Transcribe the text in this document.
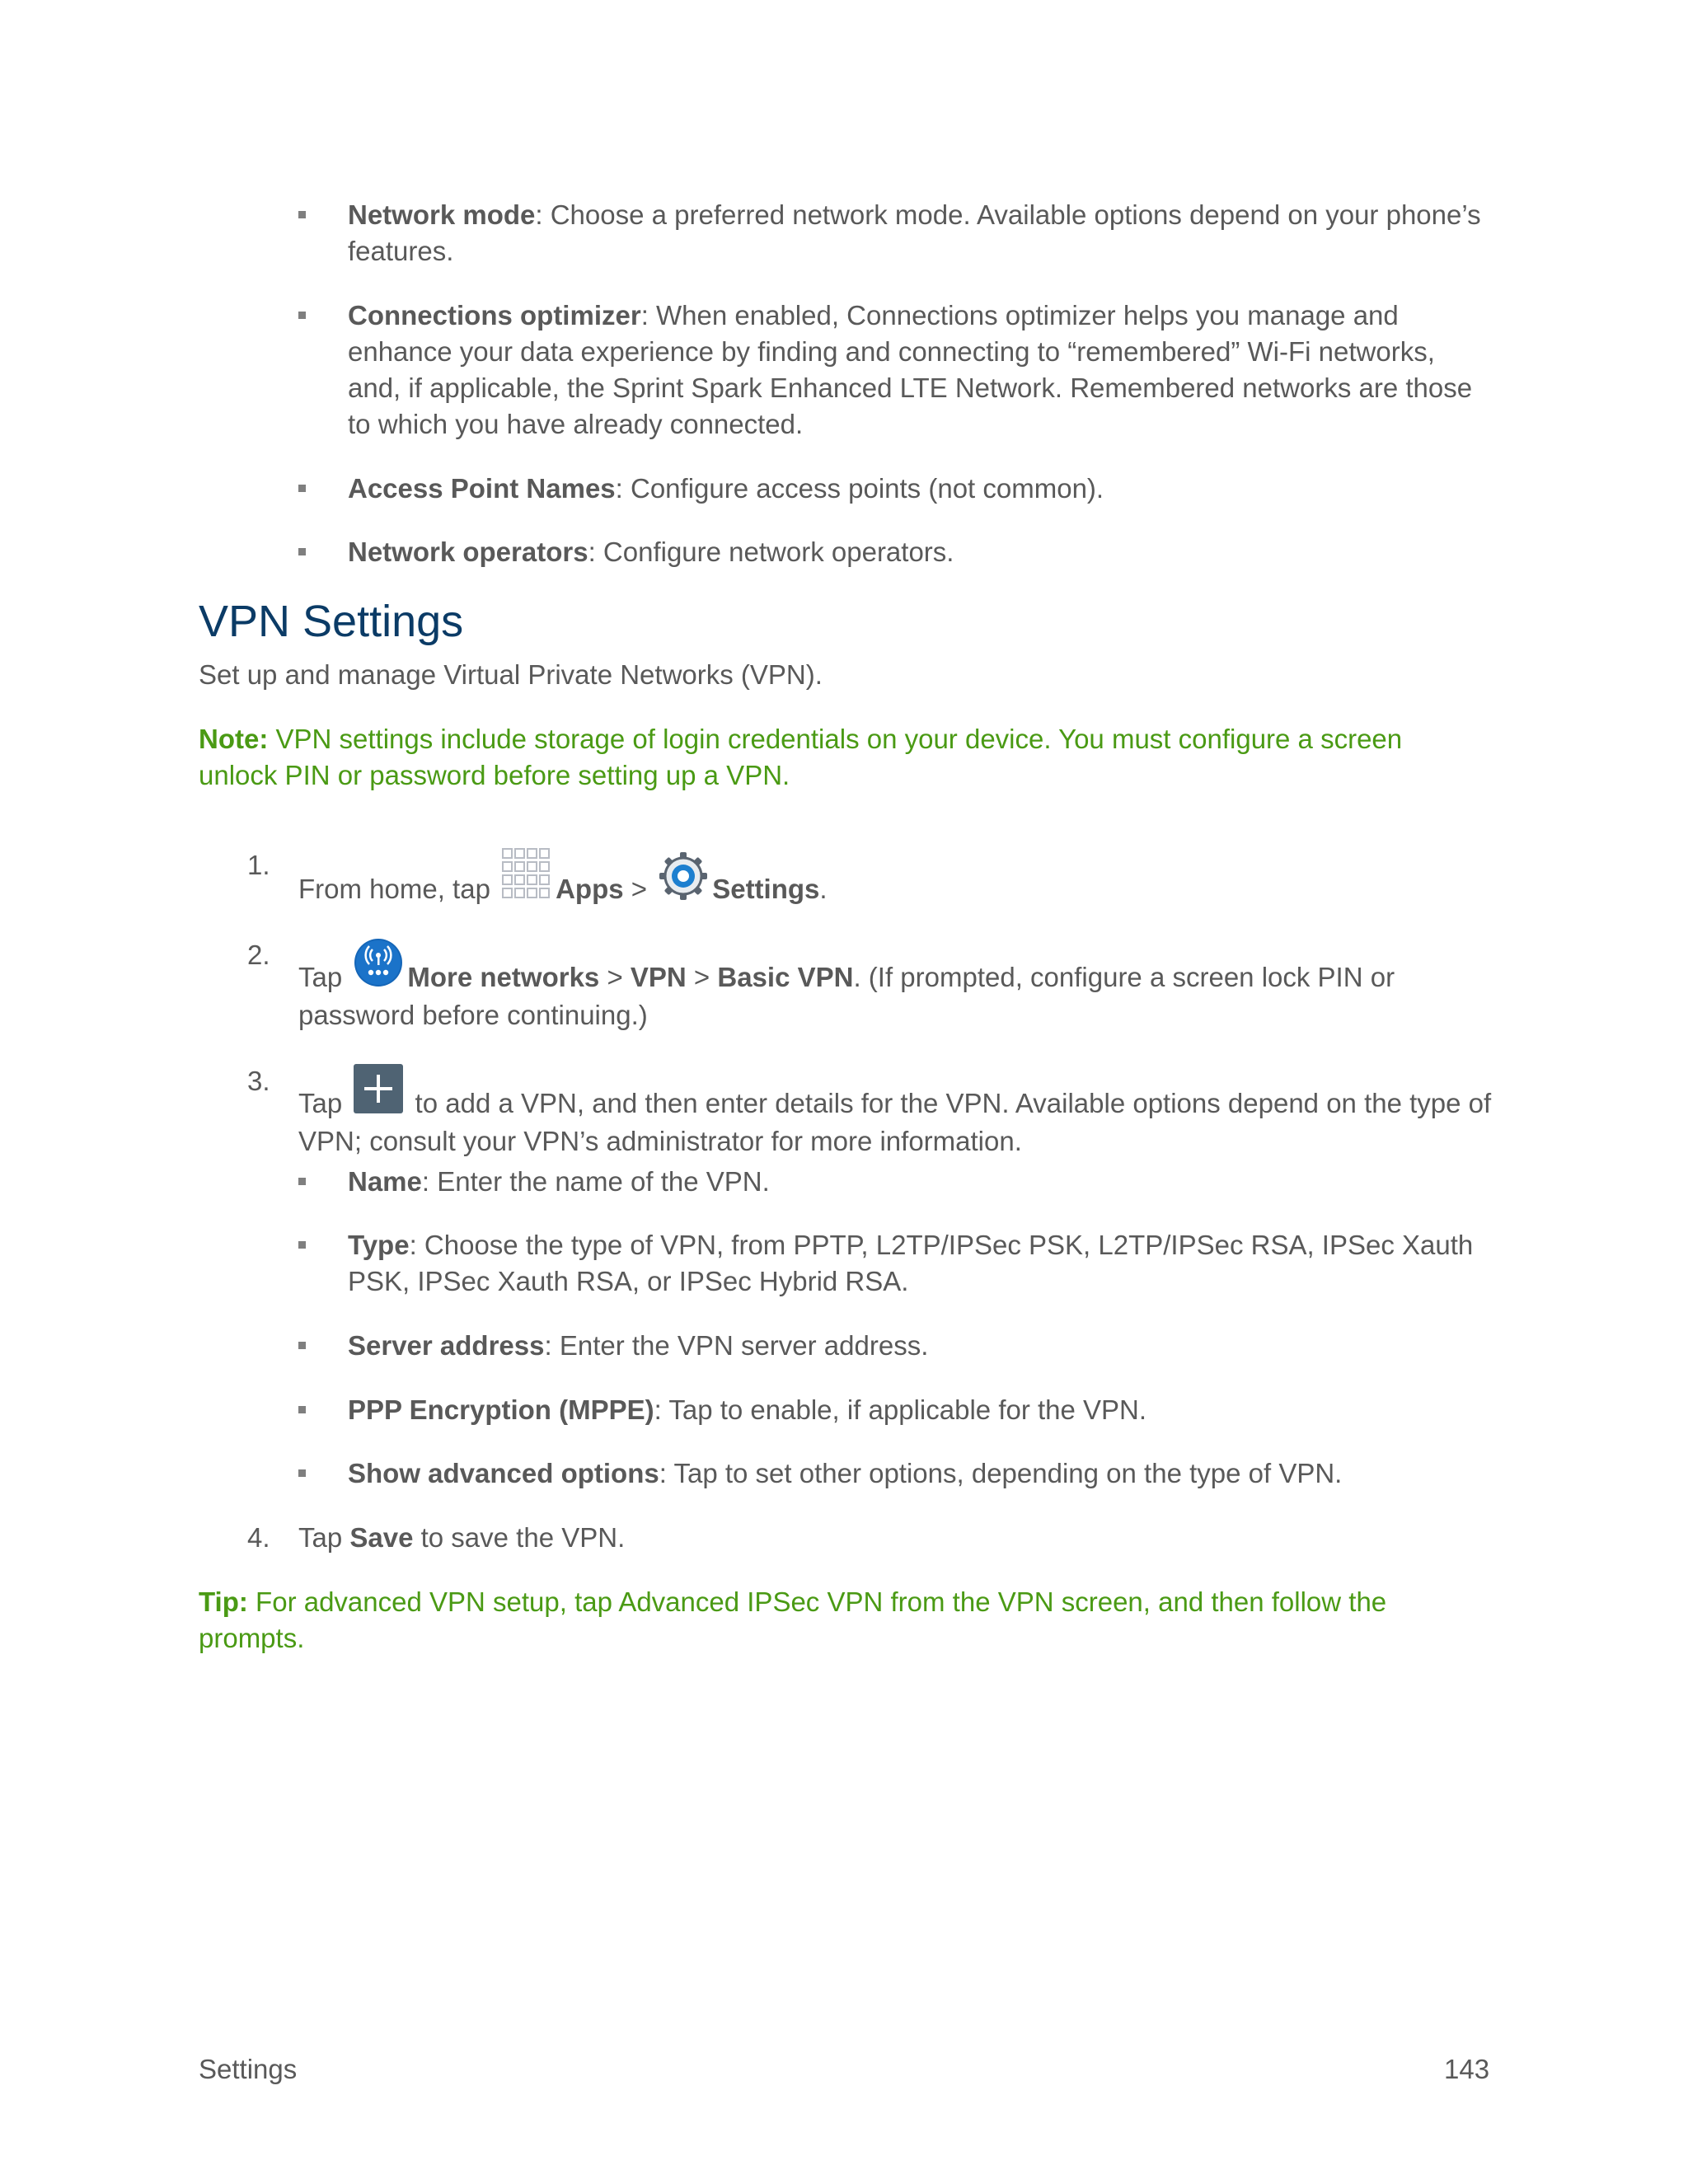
Network mode: Choose a preferred network mode. Available options depend on your phone’s features.
Connections optimizer: When enabled, Connections optimizer helps you manage and enhance your data experience by finding and connecting to “remembered” Wi-Fi networks, and, if applicable, the Sprint Spark Enhanced LTE Network. Remembered networks are those to which you have already connected.
Access Point Names: Configure access points (not common).
Network operators: Configure network operators.
VPN Settings
Set up and manage Virtual Private Networks (VPN).
Note: VPN settings include storage of login credentials on your device. You must configure a screen unlock PIN or password before setting up a VPN.
1.
From home, tap Apps > Settings.
2.
Tap More networks > VPN > Basic VPN. (If prompted, configure a screen lock PIN or password before continuing.)
3.
Tap  to add a VPN, and then enter details for the VPN. Available options depend on the type of VPN; consult your VPN’s administrator for more information.
Name: Enter the name of the VPN.
Type: Choose the type of VPN, from PPTP, L2TP/IPSec PSK, L2TP/IPSec RSA, IPSec Xauth PSK, IPSec Xauth RSA, or IPSec Hybrid RSA.
Server address: Enter the VPN server address.
PPP Encryption (MPPE): Tap to enable, if applicable for the VPN.
Show advanced options: Tap to set other options, depending on the type of VPN.
4. Tap Save to save the VPN.
Tip: For advanced VPN setup, tap Advanced IPSec VPN from the VPN screen, and then follow the prompts.
Settings	143
